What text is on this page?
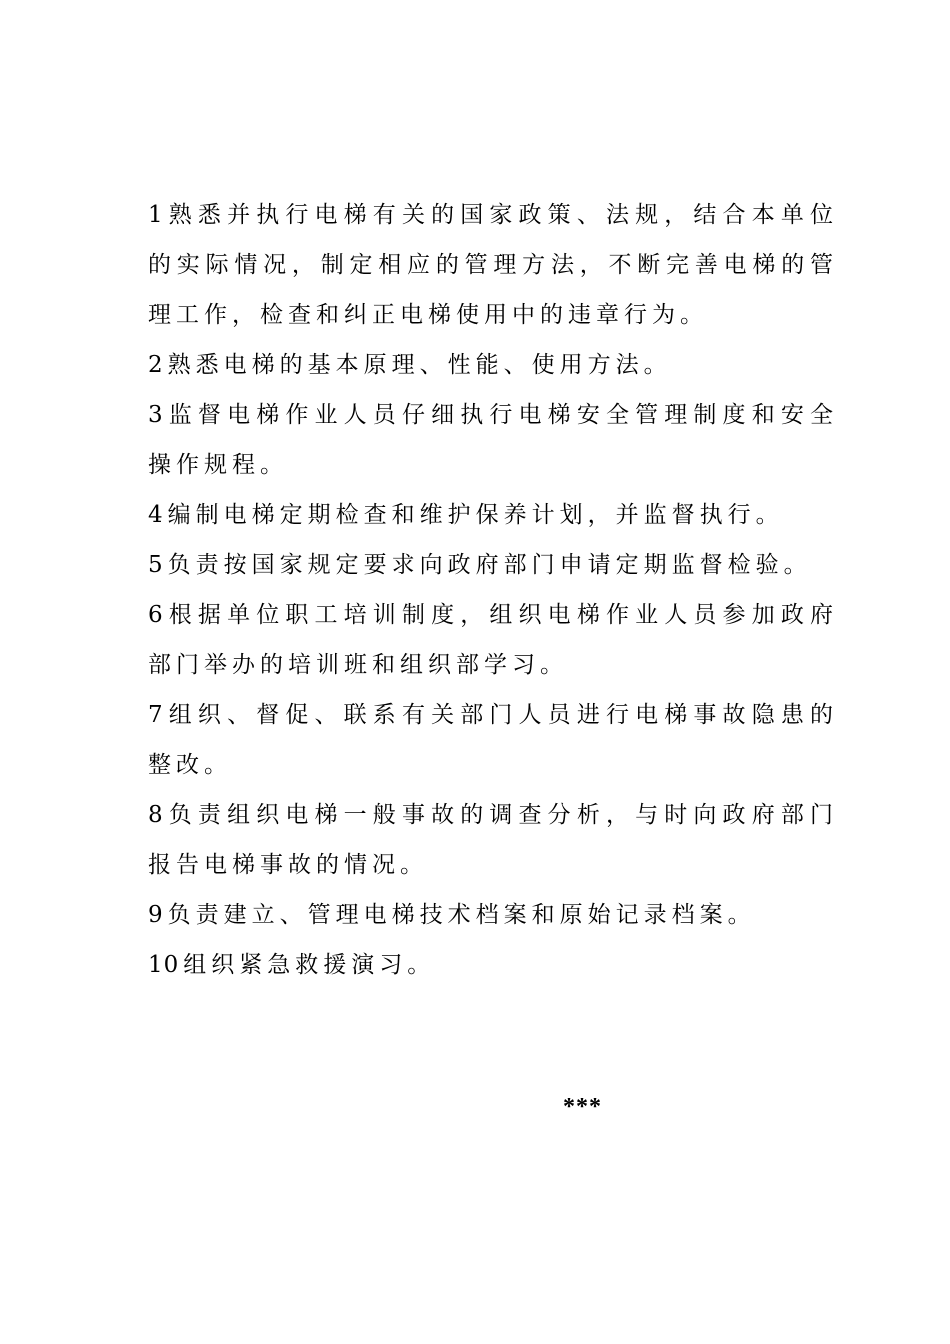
1 熟悉并执行电梯有关的国家政策、法规，结合本单位的实际情况，制定相应的管理方法，不断完善电梯的管理工作，检查和纠正电梯使用中的违章行为。

2 熟悉电梯的基本原理、性能、使用方法。

3 监督电梯作业人员仔细执行电梯安全管理制度和安全操作规程。

4 编制电梯定期检查和维护保养计划，并监督执行。

5 负责按国家规定要求向政府部门申请定期监督检验。

6 根据单位职工培训制度，组织电梯作业人员参加政府部门举办的培训班和组织部学习。

7 组织、督促、联系有关部门人员进行电梯事故隐患的整改。

8 负责组织电梯一般事故的调查分析，与时向政府部门报告电梯事故的情况。

9 负责建立、管理电梯技术档案和原始记录档案。

10 组织紧急救援演习。

***
